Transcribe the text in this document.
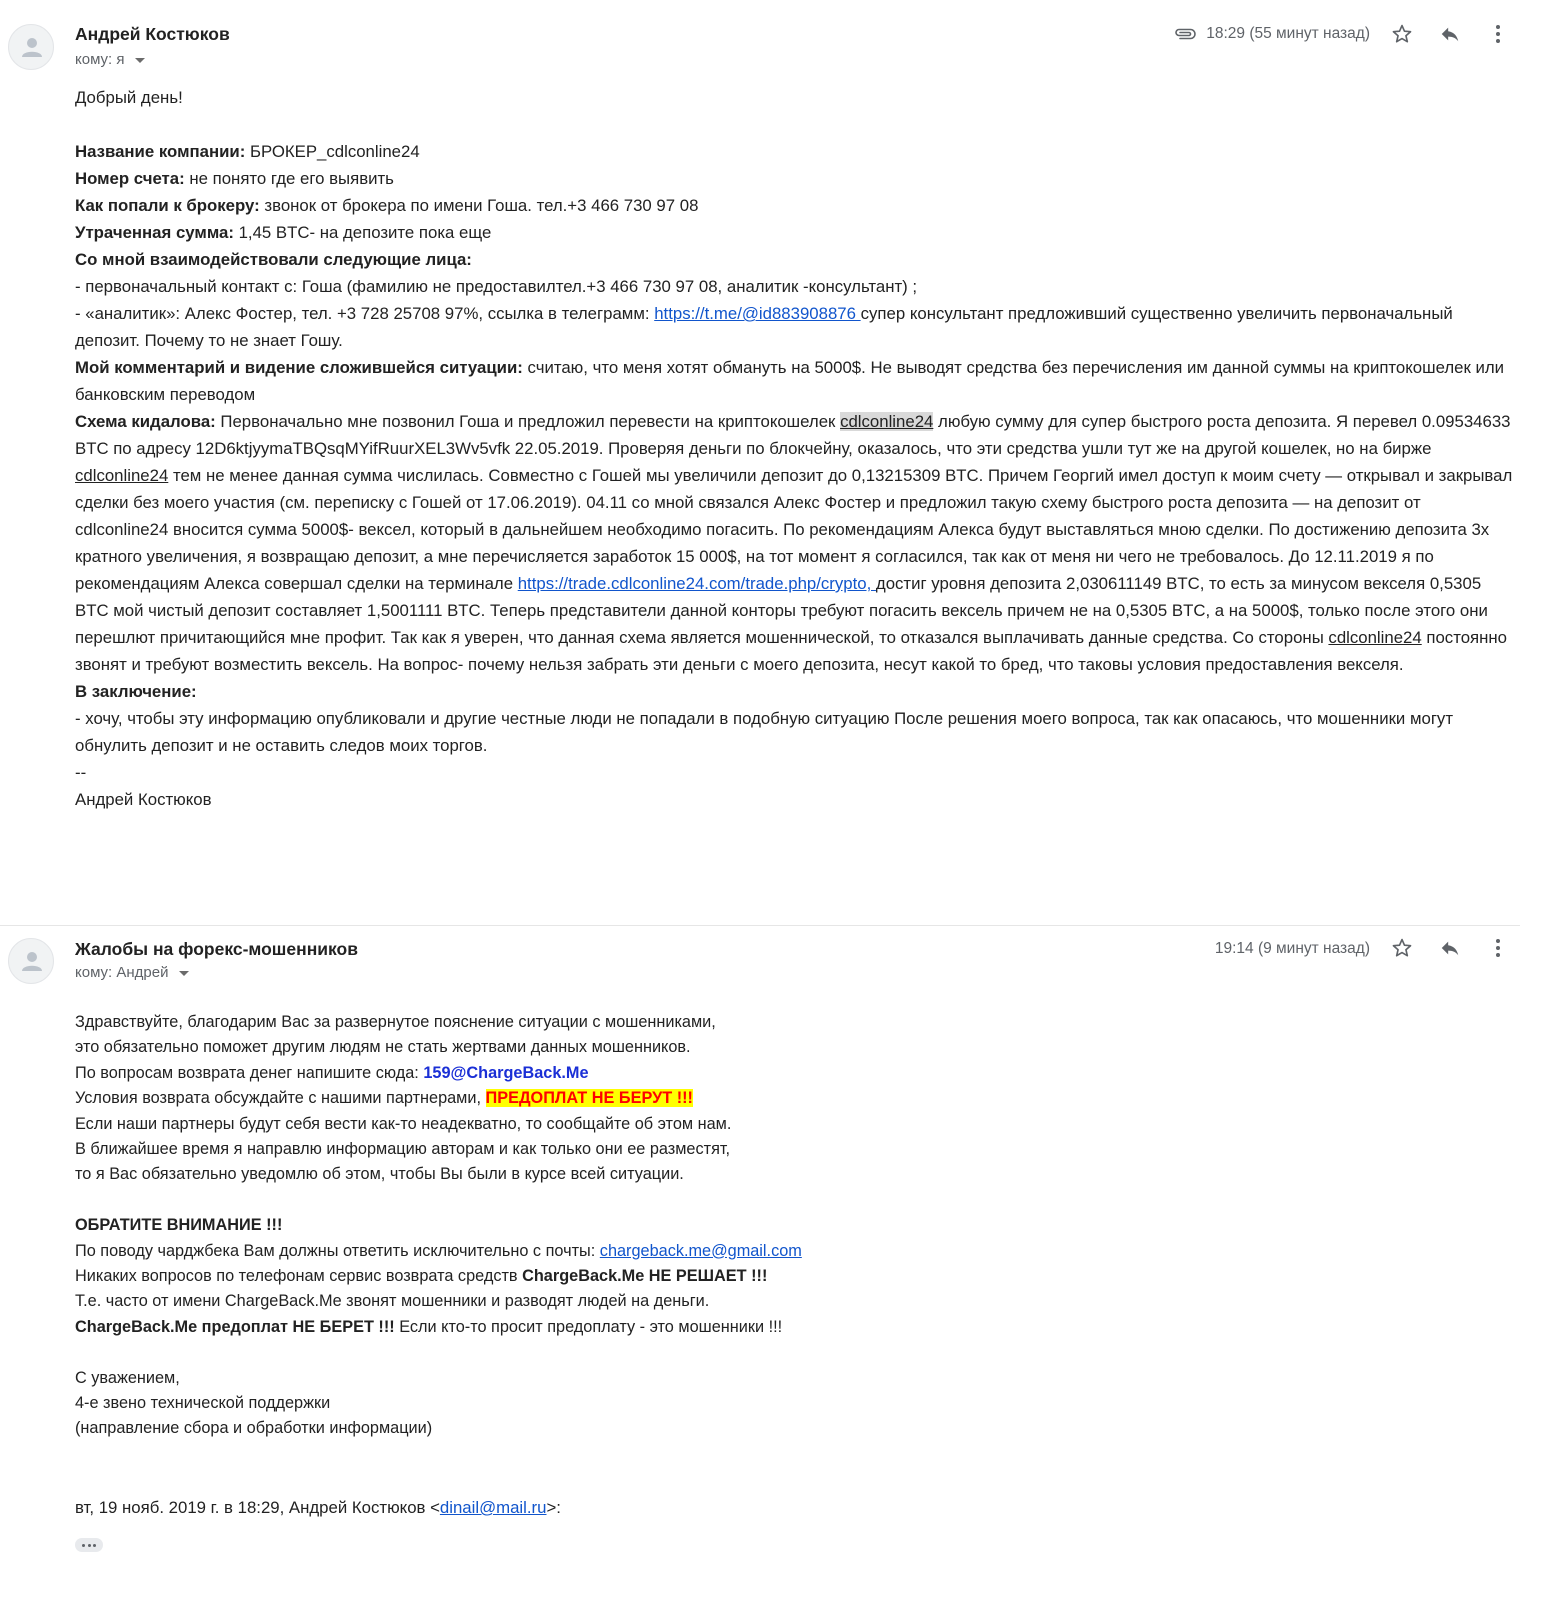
Андрей Костюков
кому: я
18:29 (55 минут назад)

Добрый день!

Название компании: БРОКЕР_cdlconline24

Номер счета: не понято где его выявить

Как попали к брокеру: звонок от брокера по имени Гоша. тел.+3 466 730 97 08

Утраченная сумма: 1,45 BTC- на депозите пока еще

Со мной взаимодействовали следующие лица:

- первоначальный контакт с: Гоша (фамилию не предоставилтел.+3 466 730 97 08, аналитик -консультант) ;

- «аналитик»: Алекс Фостер, тел. +3 728 25708 97%, ссылка в телеграмм: https://t.me/@id883908876 супер консультант предложивший существенно увеличить первоначальный депозит. Почему то не знает Гошу.

Мой комментарий и видение сложившейся ситуации: считаю, что меня хотят обмануть на 5000$. Не выводят средства без перечисления им данной суммы на криптокошелек или банковским переводом

Схема кидалова: Первоначально мне позвонил Гоша и предложил перевести на криптокошелек cdlconline24 любую сумму для супер быстрого роста депозита. Я перевел 0.09534633 BTC по адресу 12D6ktjyymaTBQsqMYifRuurXEL3Wv5vfk 22.05.2019. Проверяя деньги по блокчейну, оказалось, что эти средства ушли тут же на другой кошелек, но на бирже cdlconline24 тем не менее данная сумма числилась. Совместно с Гошей мы увеличили депозит до 0,13215309 BTC. Причем Георгий имел доступ к моим счету — открывал и закрывал сделки без моего участия (см. переписку с Гошей от 17.06.2019). 04.11 со мной связался Алекс Фостер и предложил такую схему быстрого роста депозита — на депозит от cdlconline24 вносится сумма 5000$- вексел, который в дальнейшем необходимо погасить. По рекомендациям Алекса будут выставляться мною сделки. По достижению депозита 3х кратного увеличения, я возвращаю депозит, а мне перечисляется заработок 15 000$, на тот момент я согласился, так как от меня ни чего не требовалось. До 12.11.2019 я по рекомендациям Алекса совершал сделки на терминале https://trade.cdlconline24.com/trade.php/crypto, достиг уровня депозита 2,030611149 BTC, то есть за минусом векселя 0,5305 BTC мой чистый депозит составляет 1,5001111 BTC. Теперь представители данной конторы требуют погасить вексель причем не на 0,5305 BTC, а на 5000$, только после этого они перешлют причитающийся мне профит. Так как я уверен, что данная схема является мошеннической, то отказался выплачивать данные средства. Со стороны cdlconline24 постоянно звонят и требуют возместить вексель. На вопрос- почему нельзя забрать эти деньги с моего депозита, несут какой то бред, что таковы условия предоставления векселя.

В заключение:

- хочу, чтобы эту информацию опубликовали и другие честные люди не попадали в подобную ситуацию После решения моего вопроса, так как опасаюсь, что мошенники могут обнулить депозит и не оставить следов моих торгов.

--

Андрей Костюков

Жалобы на форекс-мошенников
кому: Андрей
19:14 (9 минут назад)

Здравствуйте, благодарим Вас за развернутое пояснение ситуации с мошенниками,

это обязательно поможет другим людям не стать жертвами данных мошенников.

По вопросам возврата денег напишите сюда: 159@ChargeBack.Me

Условия возврата обсуждайте с нашими партнерами, ПРЕДОПЛАТ НЕ БЕРУТ !!!

Если наши партнеры будут себя вести как-то неадекватно, то сообщайте об этом нам.

В ближайшее время я направлю информацию авторам и как только они ее разместят,

то я Вас обязательно уведомлю об этом, чтобы Вы были в курсе всей ситуации.

ОБРАТИТЕ ВНИМАНИЕ !!!

По поводу чарджбека Вам должны ответить исключительно с почты: chargeback.me@gmail.com

Никаких вопросов по телефонам сервис возврата средств ChargeBack.Me НЕ РЕШАЕТ !!!

Т.е. часто от имени ChargeBack.Me звонят мошенники и разводят людей на деньги.

ChargeBack.Me предоплат НЕ БЕРЕТ !!! Если кто-то просит предоплату - это мошенники !!!

С уважением,

4-е звено технической поддержки

(направление сбора и обработки информации)

вт, 19 нояб. 2019 г. в 18:29, Андрей Костюков <dinail@mail.ru>:
